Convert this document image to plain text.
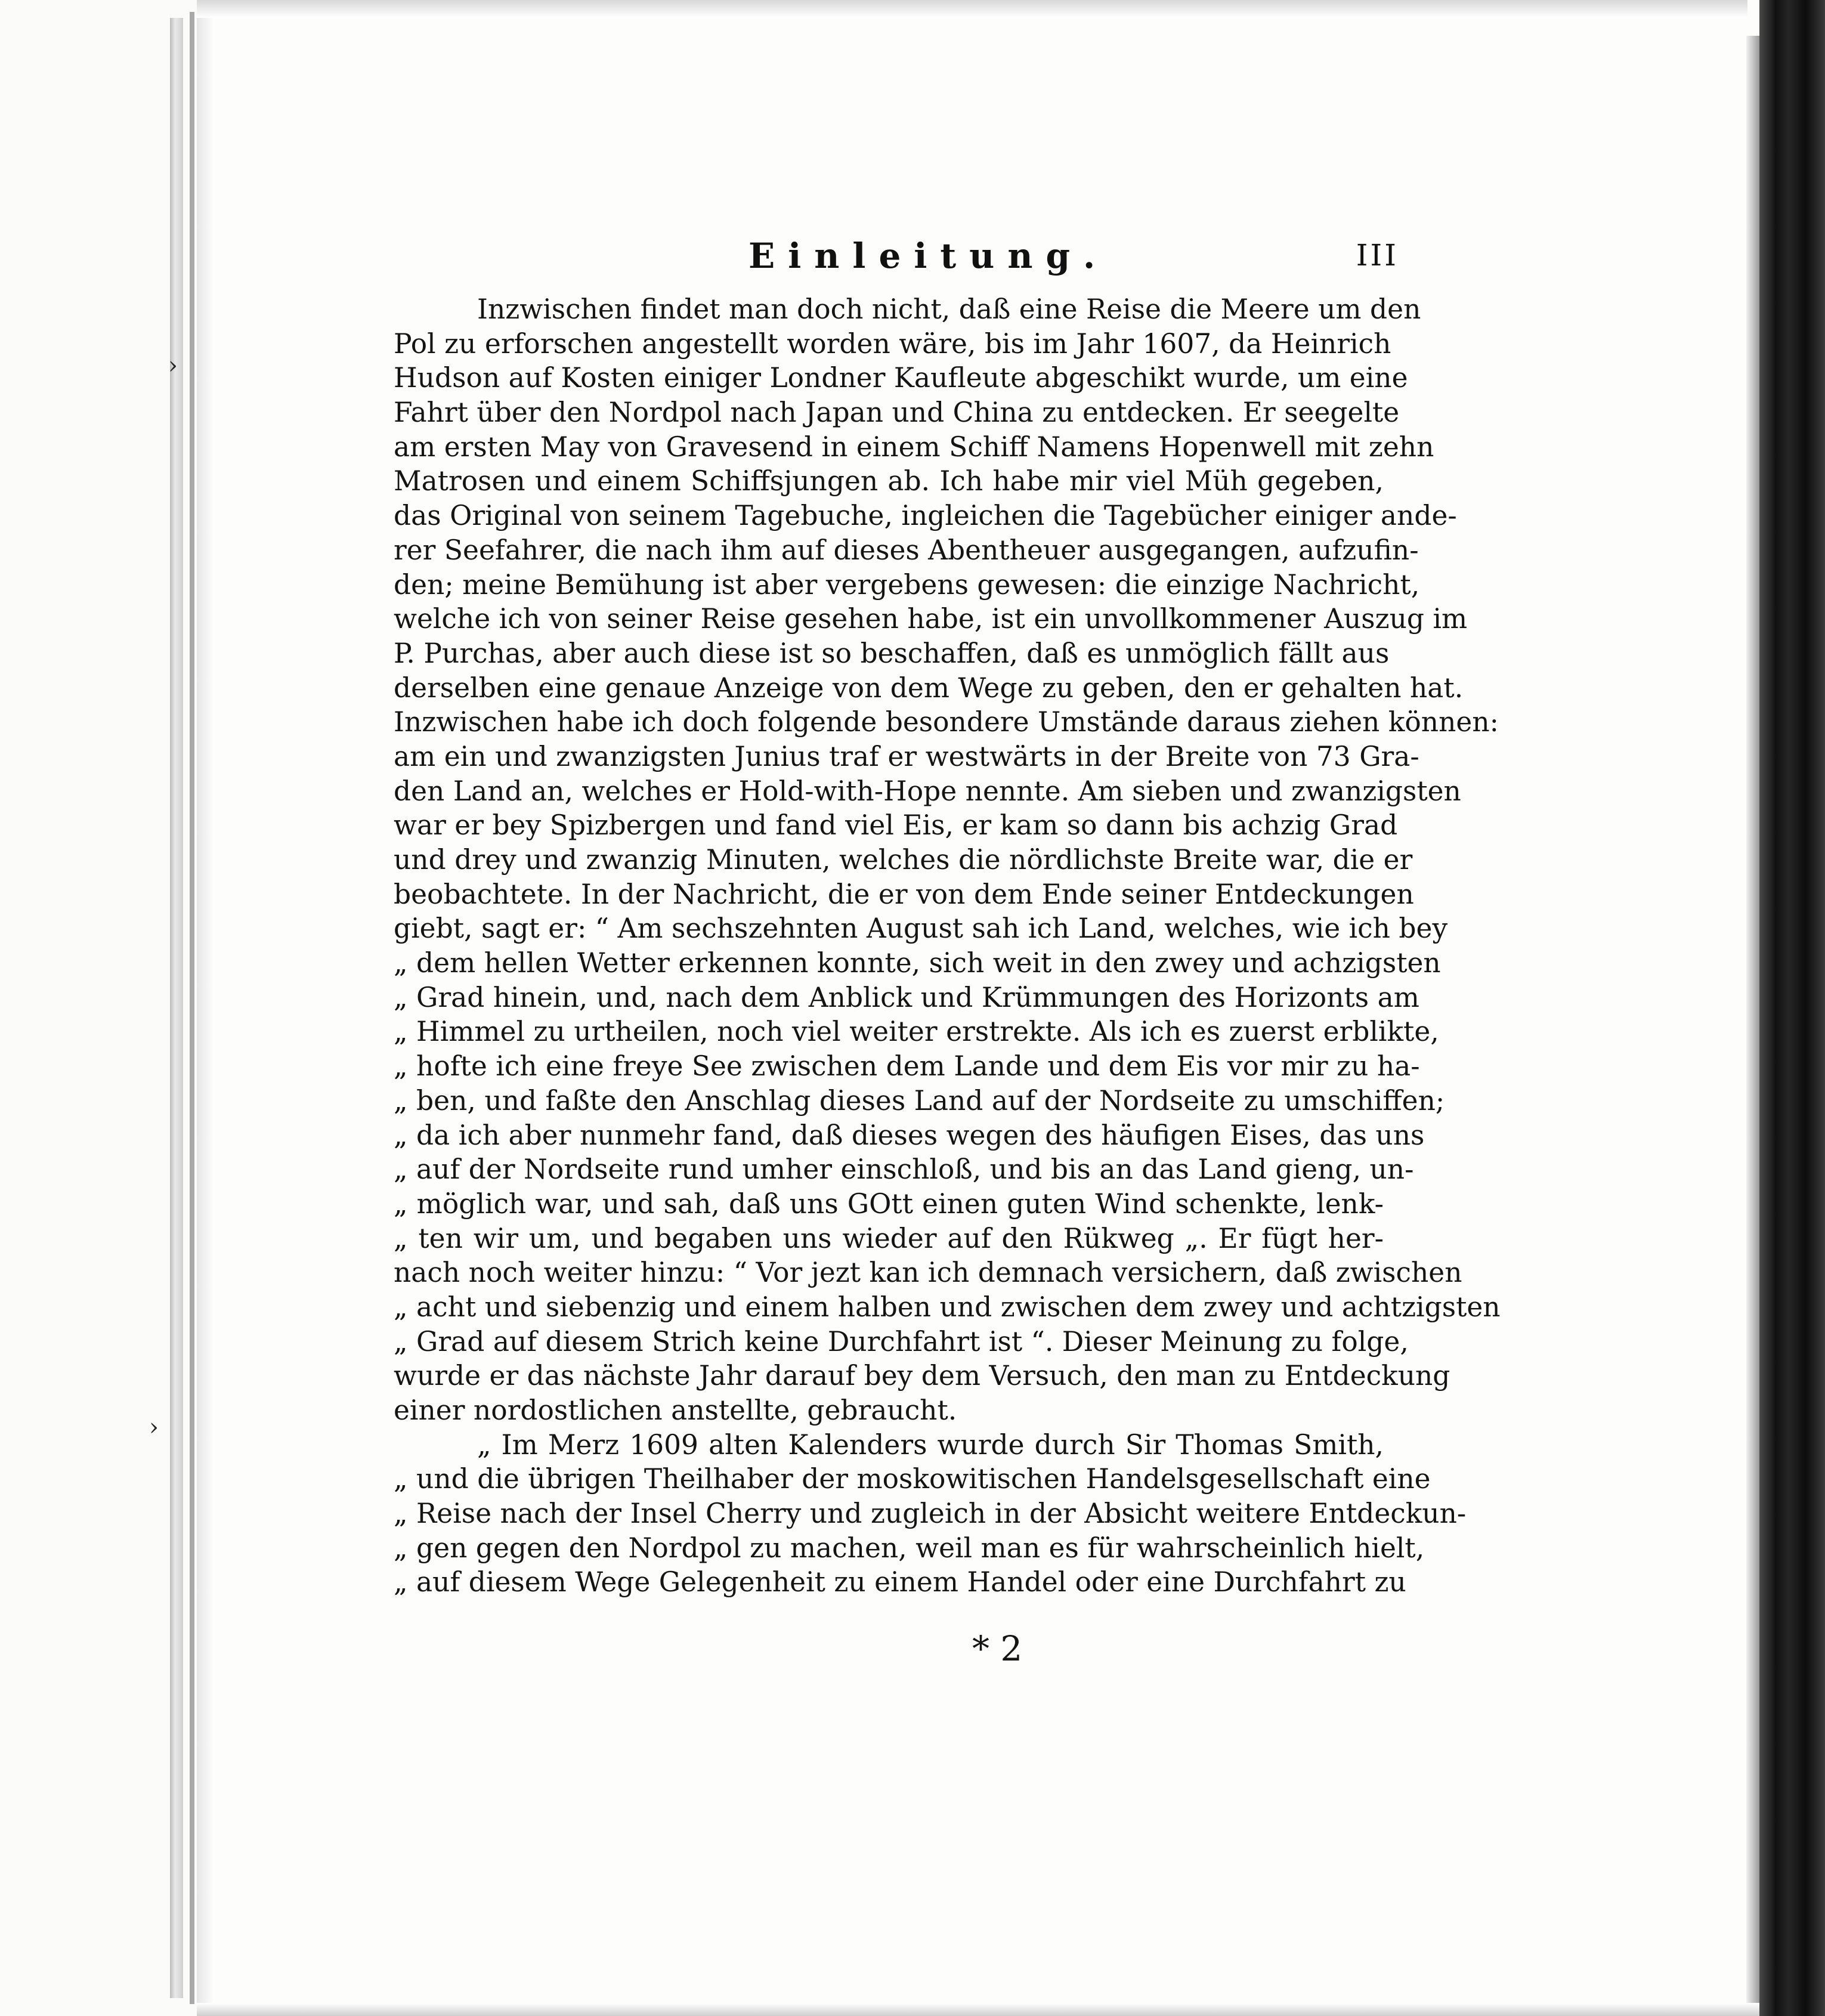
›
›
Einleitung.	III
Inzwischen findet man doch nicht, daß eine Reise die Meere um den
Pol zu erforschen angestellt worden wäre, bis im Jahr 1607, da Heinrich
Hudson auf Kosten einiger Londner Kaufleute abgeschikt wurde, um eine
Fahrt über den Nordpol nach Japan und China zu entdecken. Er seegelte
am ersten May von Gravesend in einem Schiff Namens Hopenwell mit zehn
Matrosen und einem Schiffsjungen ab. Ich habe mir viel Müh gegeben,
das Original von seinem Tagebuche, ingleichen die Tagebücher einiger ande-
rer Seefahrer, die nach ihm auf dieses Abentheuer ausgegangen, aufzufin-
den; meine Bemühung ist aber vergebens gewesen: die einzige Nachricht,
welche ich von seiner Reise gesehen habe, ist ein unvollkommener Auszug im
P. Purchas, aber auch diese ist so beschaffen, daß es unmöglich fällt aus
derselben eine genaue Anzeige von dem Wege zu geben, den er gehalten hat.
Inzwischen habe ich doch folgende besondere Umstände daraus ziehen können:
am ein und zwanzigsten Junius traf er westwärts in der Breite von 73 Gra-
den Land an, welches er Hold-with-Hope nennte. Am sieben und zwanzigsten
war er bey Spizbergen und fand viel Eis, er kam so dann bis achzig Grad
und drey und zwanzig Minuten, welches die nördlichste Breite war, die er
beobachtete. In der Nachricht, die er von dem Ende seiner Entdeckungen
giebt, sagt er: “ Am sechszehnten August sah ich Land, welches, wie ich bey
„ dem hellen Wetter erkennen konnte, sich weit in den zwey und achzigsten
„ Grad hinein, und, nach dem Anblick und Krümmungen des Horizonts am
„ Himmel zu urtheilen, noch viel weiter erstrekte. Als ich es zuerst erblikte,
„ hofte ich eine freye See zwischen dem Lande und dem Eis vor mir zu ha-
„ ben, und faßte den Anschlag dieses Land auf der Nordseite zu umschiffen;
„ da ich aber nunmehr fand, daß dieses wegen des häufigen Eises, das uns
„ auf der Nordseite rund umher einschloß, und bis an das Land gieng, un-
„ möglich war, und sah, daß uns GOtt einen guten Wind schenkte, lenk-
„ ten wir um, und begaben uns wieder auf den Rükweg „. Er fügt her-
nach noch weiter hinzu: “ Vor jezt kan ich demnach versichern, daß zwischen
„ acht und siebenzig und einem halben und zwischen dem zwey und achtzigsten
„ Grad auf diesem Strich keine Durchfahrt ist “. Dieser Meinung zu folge,
wurde er das nächste Jahr darauf bey dem Versuch, den man zu Entdeckung
einer nordostlichen anstellte, gebraucht.
„ Im Merz 1609 alten Kalenders wurde durch Sir Thomas Smith,
„ und die übrigen Theilhaber der moskowitischen Handelsgesellschaft eine
„ Reise nach der Insel Cherry und zugleich in der Absicht weitere Entdeckun-
„ gen gegen den Nordpol zu machen, weil man es für wahrscheinlich hielt,
„ auf diesem Wege Gelegenheit zu einem Handel oder eine Durchfahrt zu
* 2
